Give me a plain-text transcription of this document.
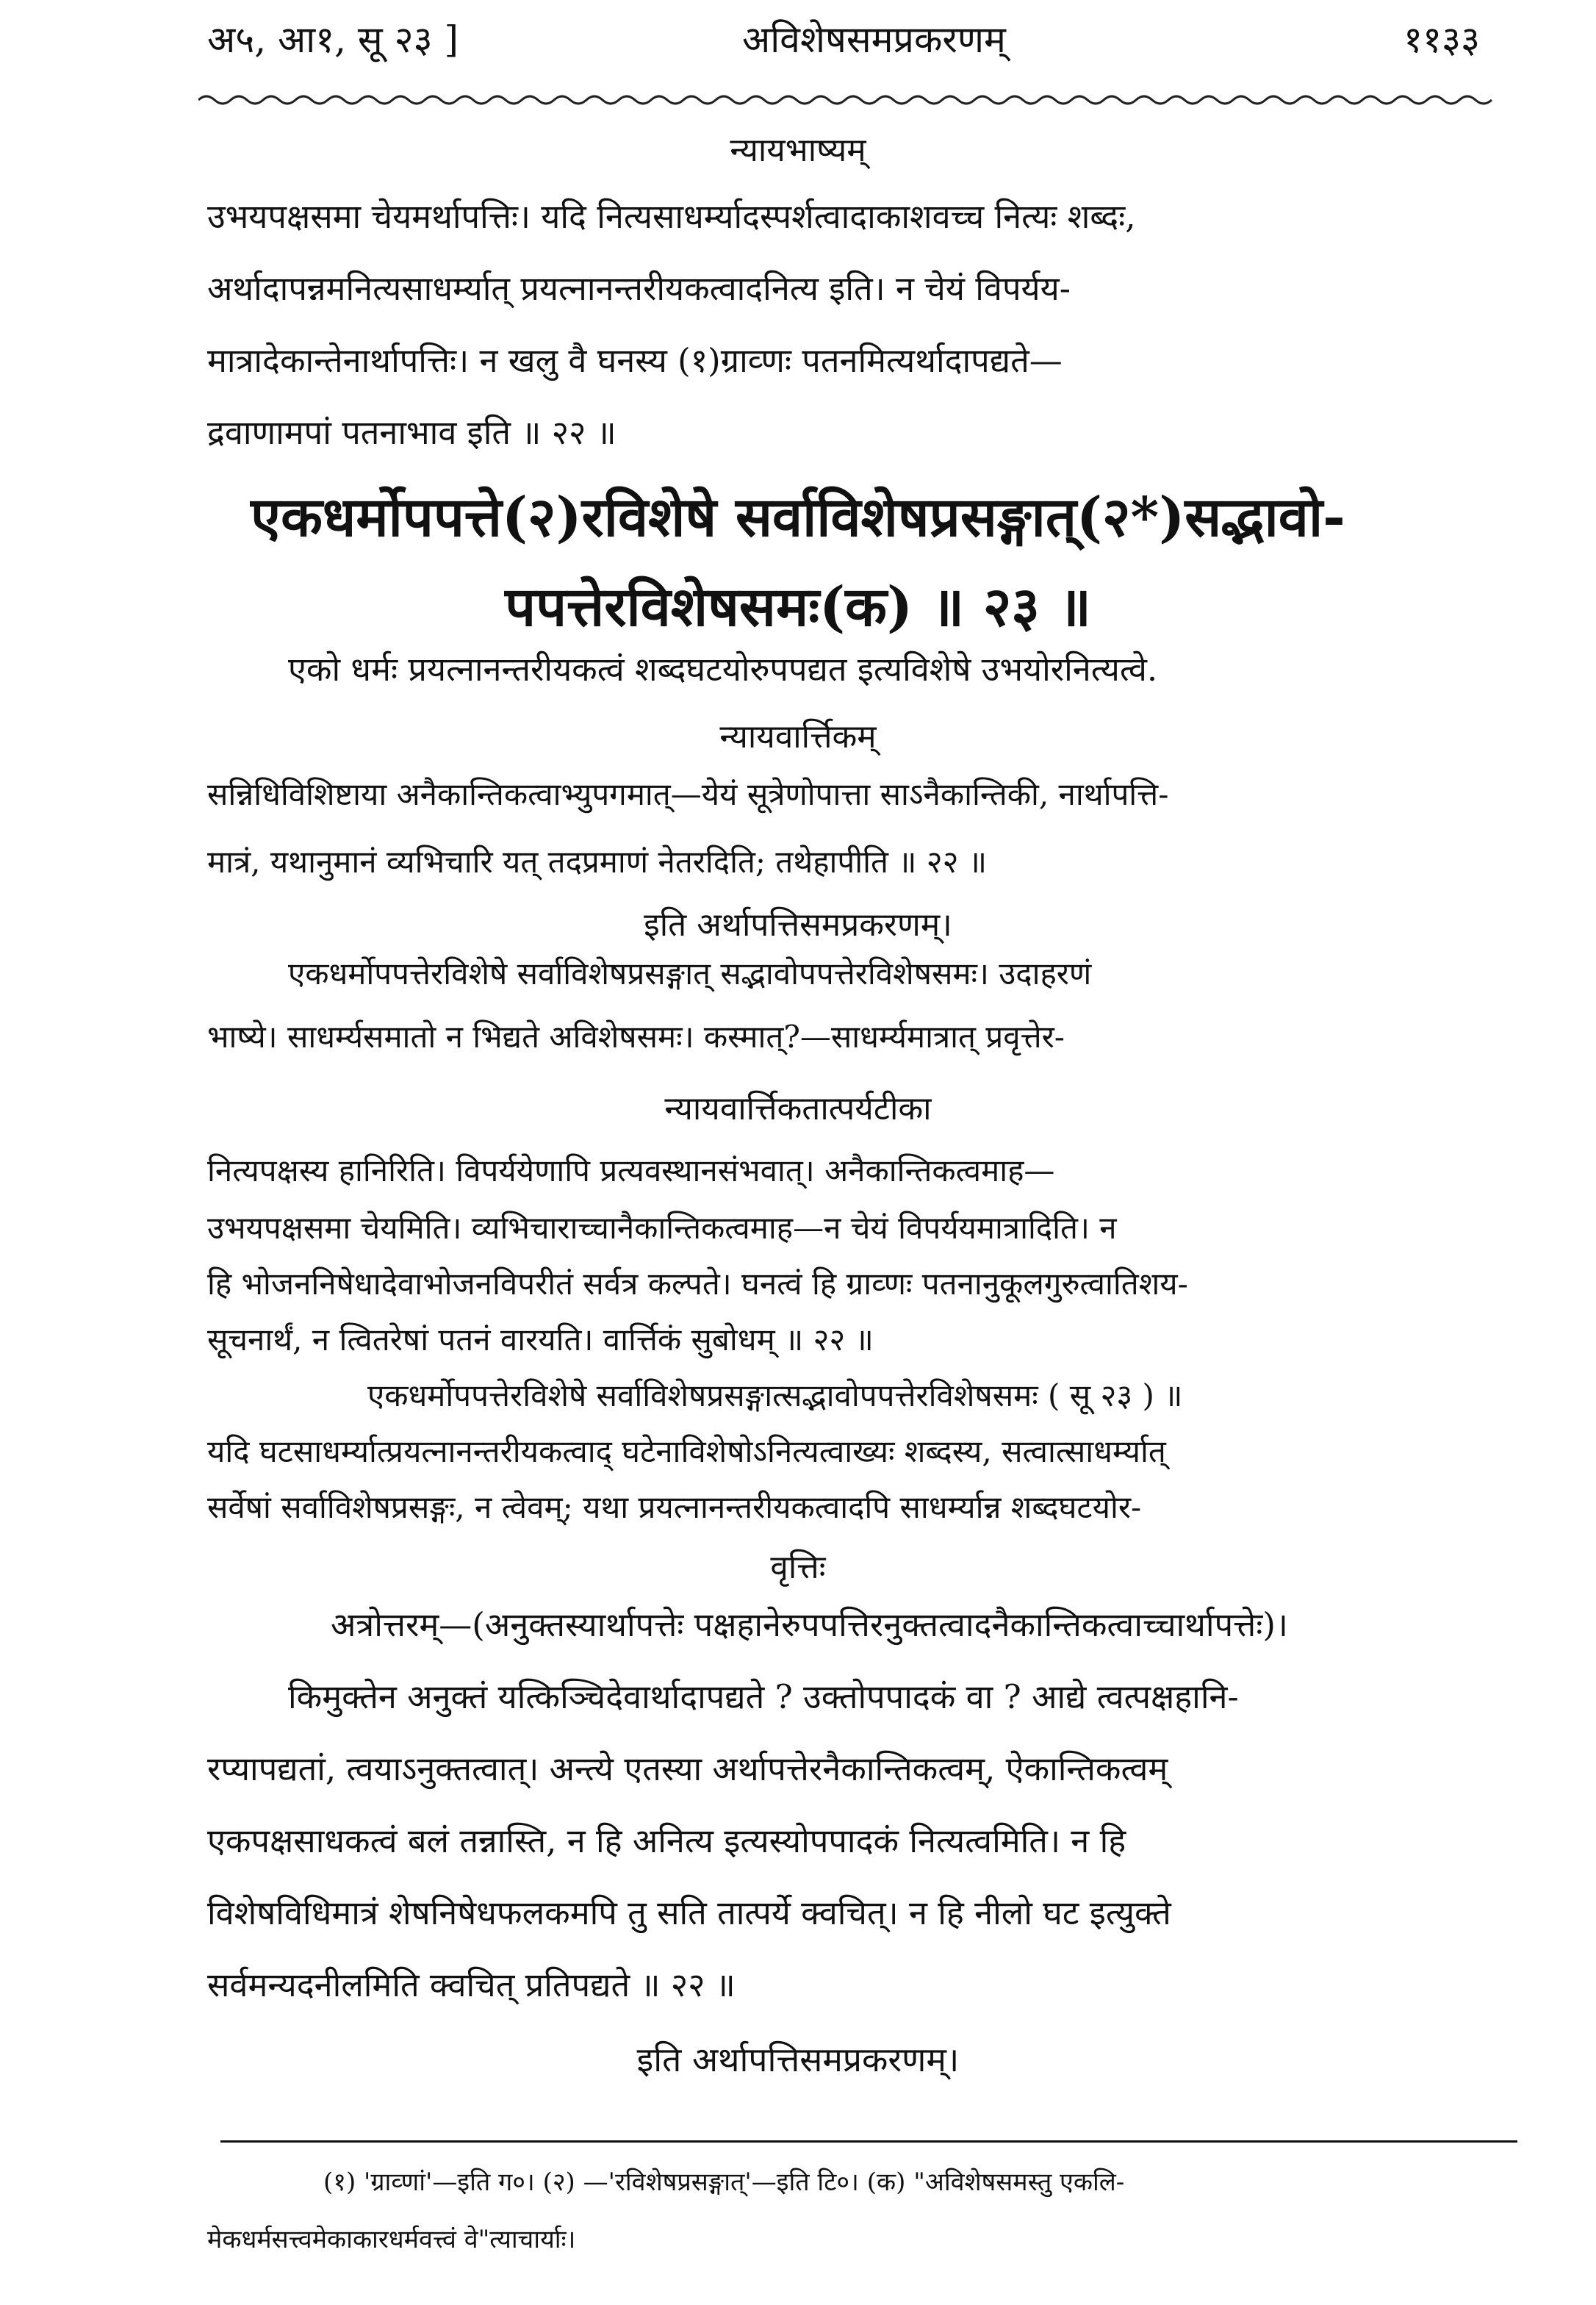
अ५, आ१, सू २३ ]	अविशेषसमप्रकरणम्	११३३
न्यायभाष्यम्
उभयपक्षसमा चेयमर्थापत्तिः। यदि नित्यसाधर्म्यादस्पर्शत्वादाकाशवच्च नित्यः शब्दः,
अर्थादापन्नमनित्यसाधर्म्यात् प्रयत्नानन्तरीयकत्वादनित्य इति। न चेयं विपर्यय-
मात्रादेकान्तेनार्थापत्तिः। न खलु वै घनस्य (१)ग्राव्णः पतनमित्यर्थादापद्यते—
द्रवाणामपां पतनाभाव इति ॥ २२ ॥
एकधर्मोपपत्ते(२)रविशेषे सर्वाविशेषप्रसङ्गात्(२*)सद्भावो-
पपत्तेरविशेषसमः(क) ॥ २३ ॥
एको धर्मः प्रयत्नानन्तरीयकत्वं शब्दघटयोरुपपद्यत इत्यविशेषे उभयोरनित्यत्वे.
न्यायवार्त्तिकम्
सन्निधिविशिष्टाया अनैकान्तिकत्वाभ्युपगमात्—येयं सूत्रेणोपात्ता साऽनैकान्तिकी, नार्थापत्ति-
मात्रं, यथानुमानं व्यभिचारि यत् तदप्रमाणं नेतरदिति; तथेहापीति ॥ २२ ॥
इति अर्थापत्तिसमप्रकरणम्।
एकधर्मोपपत्तेरविशेषे सर्वाविशेषप्रसङ्गात् सद्भावोपपत्तेरविशेषसमः। उदाहरणं
भाष्ये। साधर्म्यसमातो न भिद्यते अविशेषसमः। कस्मात्?—साधर्म्यमात्रात् प्रवृत्तेर-
न्यायवार्त्तिकतात्पर्यटीका
नित्यपक्षस्य हानिरिति। विपर्ययेणापि प्रत्यवस्थानसंभवात्। अनैकान्तिकत्वमाह—
उभयपक्षसमा चेयमिति। व्यभिचाराच्चानैकान्तिकत्वमाह—न चेयं विपर्ययमात्रादिति। न
हि भोजननिषेधादेवाभोजनविपरीतं सर्वत्र कल्पते। घनत्वं हि ग्राव्णः पतनानुकूलगुरुत्वातिशय-
सूचनार्थं, न त्वितरेषां पतनं वारयति। वार्त्तिकं सुबोधम् ॥ २२ ॥
एकधर्मोपपत्तेरविशेषे सर्वाविशेषप्रसङ्गात्सद्भावोपपत्तेरविशेषसमः ( सू २३ ) ॥
यदि घटसाधर्म्यात्प्रयत्नानन्तरीयकत्वाद् घटेनाविशेषोऽनित्यत्वाख्यः शब्दस्य, सत्वात्साधर्म्यात्
सर्वेषां सर्वाविशेषप्रसङ्गः, न त्वेवम्; यथा प्रयत्नानन्तरीयकत्वादपि साधर्म्यान्न शब्दघटयोर-
वृत्तिः
अत्रोत्तरम्—(अनुक्तस्यार्थापत्तेः पक्षहानेरुपपत्तिरनुक्तत्वादनैकान्तिकत्वाच्चार्थापत्तेः)।
किमुक्तेन अनुक्तं यत्किञ्चिदेवार्थादापद्यते ? उक्तोपपादकं वा ? आद्ये त्वत्पक्षहानि-
रप्यापद्यतां, त्वयाऽनुक्तत्वात्। अन्त्ये एतस्या अर्थापत्तेरनैकान्तिकत्वम्, ऐकान्तिकत्वम्
एकपक्षसाधकत्वं बलं तन्नास्ति, न हि अनित्य इत्यस्योपपादकं नित्यत्वमिति। न हि
विशेषविधिमात्रं शेषनिषेधफलकमपि तु सति तात्पर्ये क्वचित्। न हि नीलो घट इत्युक्ते
सर्वमन्यदनीलमिति क्वचित् प्रतिपद्यते ॥ २२ ॥
इति अर्थापत्तिसमप्रकरणम्।
(१) 'ग्राव्णां'—इति ग०। (२) —'रविशेषप्रसङ्गात्'—इति टि०। (क) "अविशेषसमस्तु एकलि-
मेकधर्मसत्त्वमेकाकारधर्मवत्त्वं वे"त्याचार्याः।
